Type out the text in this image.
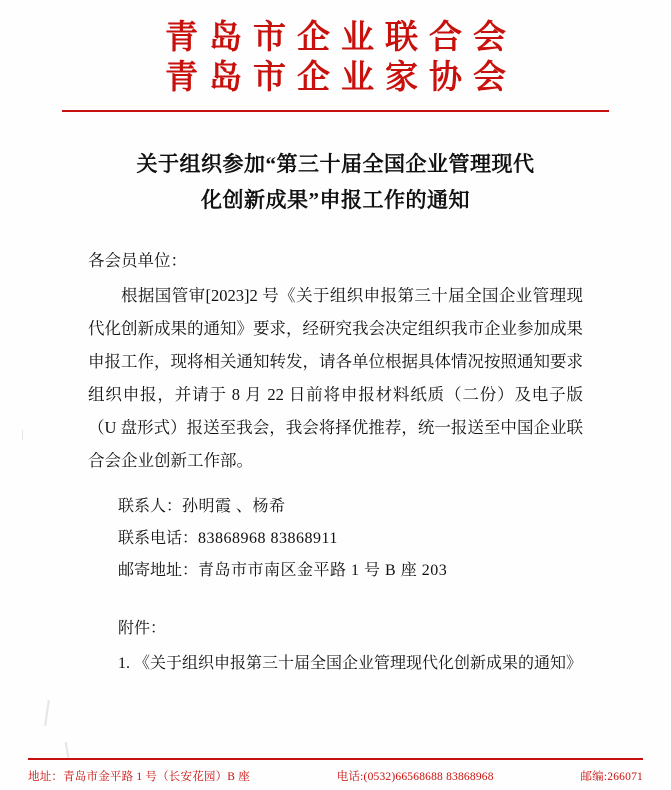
青岛市企业联合会
青岛市企业家协会
关于组织参加“第三十届全国企业管理现代
化创新成果”申报工作的通知
各会员单位：
根据国管审[2023]2 号《关于组织申报第三十届全国企业管理现代化创新成果的通知》要求，经研究我会决定组织我市企业参加成果申报工作，现将相关通知转发，请各单位根据具体情况按照通知要求组织申报，并请于 8 月 22 日前将申报材料纸质（二份）及电子版（U 盘形式）报送至我会，我会将择优推荐，统一报送至中国企业联合会企业创新工作部。
联系人：孙明霞 、杨希
联系电话：83868968 83868911
邮寄地址：青岛市市南区金平路 1 号 B 座 203
附件：
1. 《关于组织申报第三十届全国企业管理现代化创新成果的通知》
地址：青岛市金平路 1 号（长安花园）B 座	电话:(0532)66568688 83868968	邮编:266071
